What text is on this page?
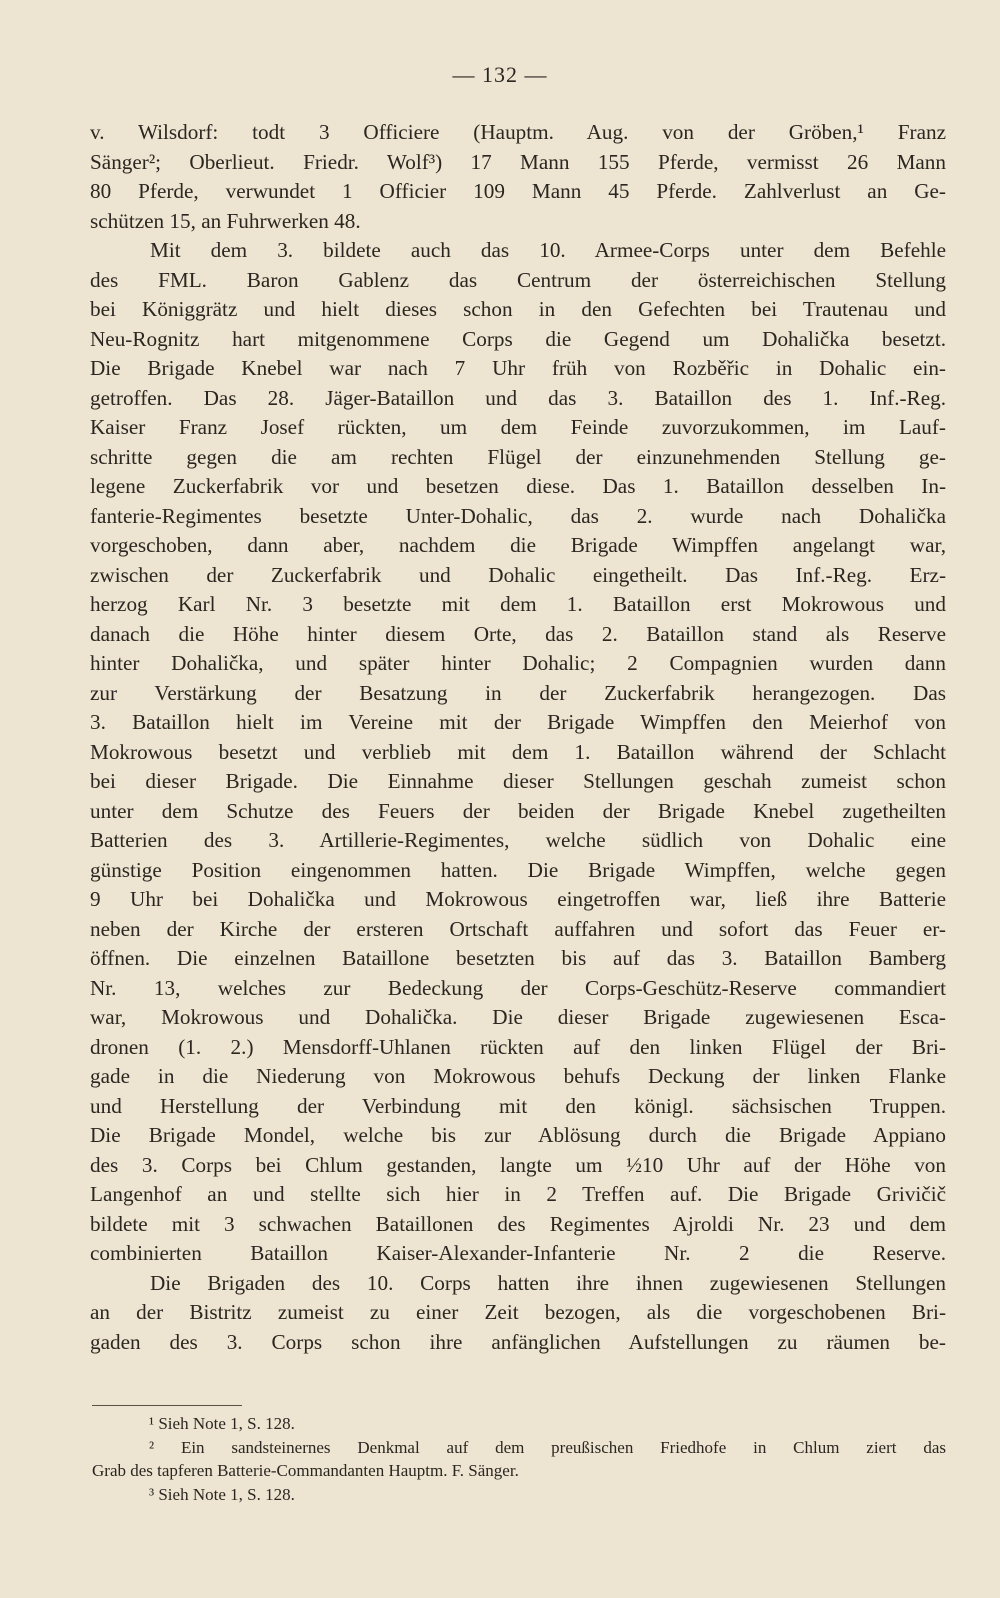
— 132 —
v. Wilsdorf: todt 3 Officiere (Hauptm. Aug. von der Gröben,¹ Franz
Sänger²; Oberlieut. Friedr. Wolf³) 17 Mann 155 Pferde, vermisst 26 Mann
80 Pferde, verwundet 1 Officier 109 Mann 45 Pferde. Zahlverlust an Ge-
schützen 15, an Fuhrwerken 48.
Mit dem 3. bildete auch das 10. Armee-Corps unter dem Befehle
des FML. Baron Gablenz das Centrum der österreichischen Stellung
bei Königgrätz und hielt dieses schon in den Gefechten bei Trautenau und
Neu-Rognitz hart mitgenommene Corps die Gegend um Dohalička besetzt.
Die Brigade Knebel war nach 7 Uhr früh von Rozběřic in Dohalic ein-
getroffen. Das 28. Jäger-Bataillon und das 3. Bataillon des 1. Inf.-Reg.
Kaiser Franz Josef rückten, um dem Feinde zuvorzukommen, im Lauf-
schritte gegen die am rechten Flügel der einzunehmenden Stellung ge-
legene Zuckerfabrik vor und besetzen diese. Das 1. Bataillon desselben In-
fanterie-Regimentes besetzte Unter-Dohalic, das 2. wurde nach Dohalička
vorgeschoben, dann aber, nachdem die Brigade Wimpffen angelangt war,
zwischen der Zuckerfabrik und Dohalic eingetheilt. Das Inf.-Reg. Erz-
herzog Karl Nr. 3 besetzte mit dem 1. Bataillon erst Mokrowous und
danach die Höhe hinter diesem Orte, das 2. Bataillon stand als Reserve
hinter Dohalička, und später hinter Dohalic; 2 Compagnien wurden dann
zur Verstärkung der Besatzung in der Zuckerfabrik herangezogen. Das
3. Bataillon hielt im Vereine mit der Brigade Wimpffen den Meierhof von
Mokrowous besetzt und verblieb mit dem 1. Bataillon während der Schlacht
bei dieser Brigade. Die Einnahme dieser Stellungen geschah zumeist schon
unter dem Schutze des Feuers der beiden der Brigade Knebel zugetheilten
Batterien des 3. Artillerie-Regimentes, welche südlich von Dohalic eine
günstige Position eingenommen hatten. Die Brigade Wimpffen, welche gegen
9 Uhr bei Dohalička und Mokrowous eingetroffen war, ließ ihre Batterie
neben der Kirche der ersteren Ortschaft auffahren und sofort das Feuer er-
öffnen. Die einzelnen Bataillone besetzten bis auf das 3. Bataillon Bamberg
Nr. 13, welches zur Bedeckung der Corps-Geschütz-Reserve commandiert
war, Mokrowous und Dohalička. Die dieser Brigade zugewiesenen Esca-
dronen (1. 2.) Mensdorff-Uhlanen rückten auf den linken Flügel der Bri-
gade in die Niederung von Mokrowous behufs Deckung der linken Flanke
und Herstellung der Verbindung mit den königl. sächsischen Truppen.
Die Brigade Mondel, welche bis zur Ablösung durch die Brigade Appiano
des 3. Corps bei Chlum gestanden, langte um ½10 Uhr auf der Höhe von
Langenhof an und stellte sich hier in 2 Treffen auf. Die Brigade Grivičič
bildete mit 3 schwachen Bataillonen des Regimentes Ajroldi Nr. 23 und dem
combinierten Bataillon Kaiser-Alexander-Infanterie Nr. 2 die Reserve.
Die Brigaden des 10. Corps hatten ihre ihnen zugewiesenen Stellungen
an der Bistritz zumeist zu einer Zeit bezogen, als die vorgeschobenen Bri-
gaden des 3. Corps schon ihre anfänglichen Aufstellungen zu räumen be-
¹ Sieh Note 1, S. 128.
² Ein sandsteinernes Denkmal auf dem preußischen Friedhofe in Chlum ziert das
Grab des tapferen Batterie-Commandanten Hauptm. F. Sänger.
³ Sieh Note 1, S. 128.
